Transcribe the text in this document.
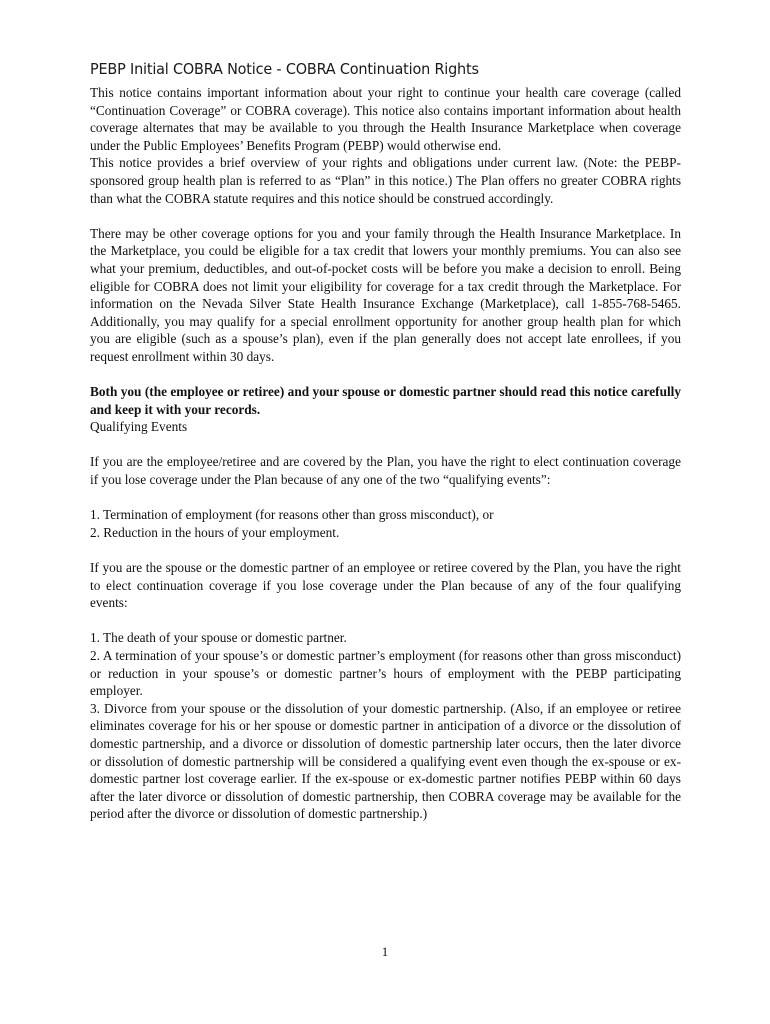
PEBP Initial COBRA Notice - COBRA Continuation Rights

This notice contains important information about your right to continue your health care coverage (called “Continuation Coverage” or COBRA coverage). This notice also contains important information about health coverage alternates that may be available to you through the Health Insurance Marketplace when coverage under the Public Employees’ Benefits Program (PEBP) would otherwise end.

This notice provides a brief overview of your rights and obligations under current law. (Note: the PEBP-sponsored group health plan is referred to as “Plan” in this notice.) The Plan offers no greater COBRA rights than what the COBRA statute requires and this notice should be construed accordingly.

There may be other coverage options for you and your family through the Health Insurance Marketplace. In the Marketplace, you could be eligible for a tax credit that lowers your monthly premiums. You can also see what your premium, deductibles, and out-of-pocket costs will be before you make a decision to enroll. Being eligible for COBRA does not limit your eligibility for coverage for a tax credit through the Marketplace. For information on the Nevada Silver State Health Insurance Exchange (Marketplace), call 1-855-768-5465. Additionally, you may qualify for a special enrollment opportunity for another group health plan for which you are eligible (such as a spouse’s plan), even if the plan generally does not accept late enrollees, if you request enrollment within 30 days.

Both you (the employee or retiree) and your spouse or domestic partner should read this notice carefully and keep it with your records.

Qualifying Events

If you are the employee/retiree and are covered by the Plan, you have the right to elect continuation coverage if you lose coverage under the Plan because of any one of the two “qualifying events”:

1. Termination of employment (for reasons other than gross misconduct), or

2. Reduction in the hours of your employment.

If you are the spouse or the domestic partner of an employee or retiree covered by the Plan, you have the right to elect continuation coverage if you lose coverage under the Plan because of any of the four qualifying events:

1. The death of your spouse or domestic partner.

2. A termination of your spouse’s or domestic partner’s employment (for reasons other than gross misconduct) or reduction in your spouse’s or domestic partner’s hours of employment with the PEBP participating employer.

3. Divorce from your spouse or the dissolution of your domestic partnership. (Also, if an employee or retiree eliminates coverage for his or her spouse or domestic partner in anticipation of a divorce or the dissolution of domestic partnership, and a divorce or dissolution of domestic partnership later occurs, then the later divorce or dissolution of domestic partnership will be considered a qualifying event even though the ex-spouse or ex-domestic partner lost coverage earlier. If the ex-spouse or ex-domestic partner notifies PEBP within 60 days after the later divorce or dissolution of domestic partnership, then COBRA coverage may be available for the period after the divorce or dissolution of domestic partnership.)

1
